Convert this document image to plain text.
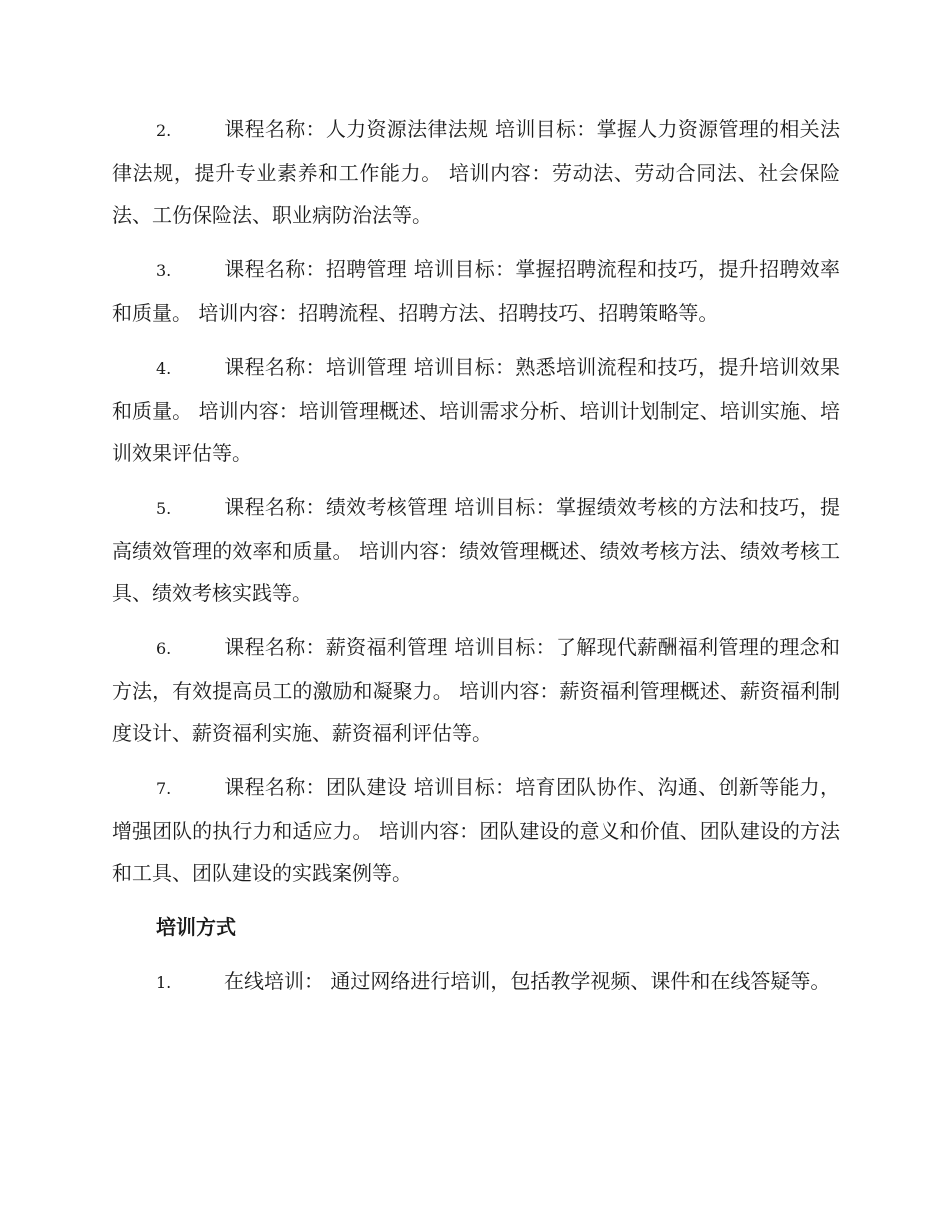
2.	课程名称：人力资源法律法规 培训目标：掌握人力资源管理的相关法律法规，提升专业素养和工作能力。 培训内容：劳动法、劳动合同法、社会保险法、工伤保险法、职业病防治法等。

3.	课程名称：招聘管理 培训目标：掌握招聘流程和技巧，提升招聘效率和质量。 培训内容：招聘流程、招聘方法、招聘技巧、招聘策略等。

4.	课程名称：培训管理 培训目标：熟悉培训流程和技巧，提升培训效果和质量。 培训内容：培训管理概述、培训需求分析、培训计划制定、培训实施、培训效果评估等。

5.	课程名称：绩效考核管理 培训目标：掌握绩效考核的方法和技巧，提高绩效管理的效率和质量。 培训内容：绩效管理概述、绩效考核方法、绩效考核工具、绩效考核实践等。

6.	课程名称：薪资福利管理 培训目标：了解现代薪酬福利管理的理念和方法，有效提高员工的激励和凝聚力。 培训内容：薪资福利管理概述、薪资福利制度设计、薪资福利实施、薪资福利评估等。

7.	课程名称：团队建设 培训目标：培育团队协作、沟通、创新等能力，增强团队的执行力和适应力。 培训内容：团队建设的意义和价值、团队建设的方法和工具、团队建设的实践案例等。

培训方式

1.	在线培训： 通过网络进行培训，包括教学视频、课件和在线答疑等。
